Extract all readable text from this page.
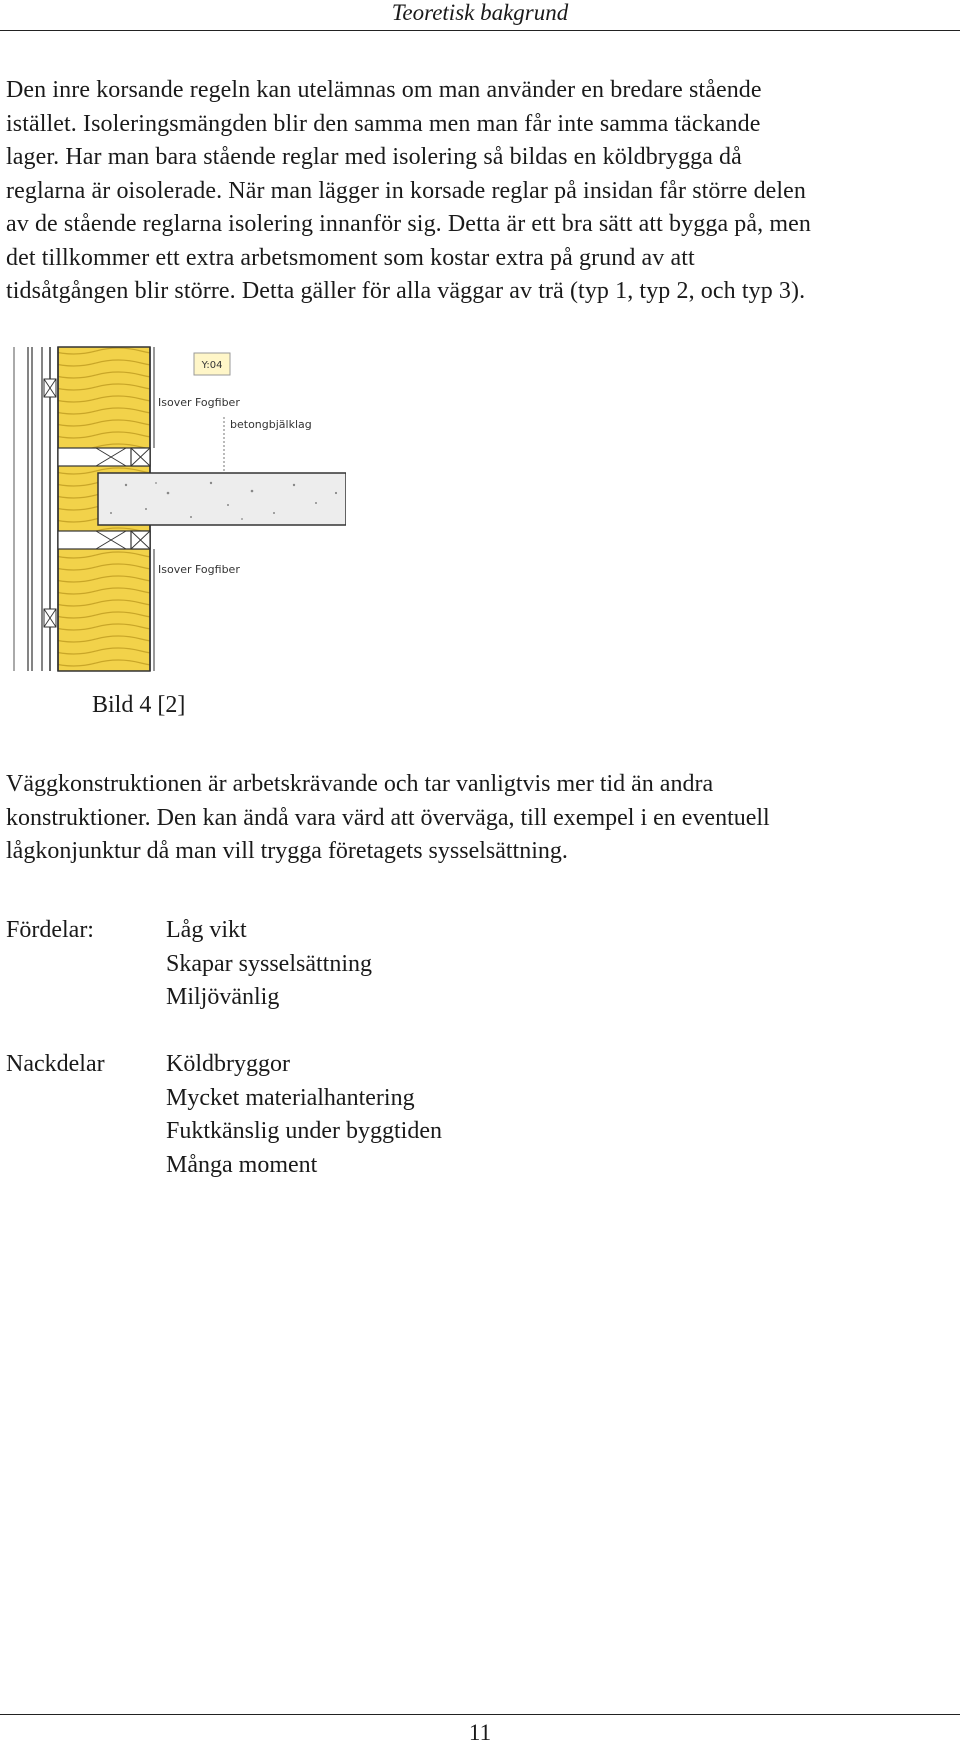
Teoretisk bakgrund
Den inre korsande regeln kan utelämnas om man använder en bredare stående
istället. Isoleringsmängden blir den samma men man får inte samma täckande
lager. Har man bara stående reglar med isolering så bildas en köldbrygga då
reglarna är oisolerade. När man lägger in korsade reglar på insidan får större delen
av de stående reglarna isolering innanför sig. Detta är ett bra sätt att bygga på, men
det tillkommer ett extra arbetsmoment som kostar extra på grund av att
tidsåtgången blir större. Detta gäller för alla väggar av trä (typ 1, typ 2, och typ 3).
Y:04
Isover Fogfiber
betongbjälklag
Isover Fogfiber
Bild 4 [2]
Väggkonstruktionen är arbetskrävande och tar vanligtvis mer tid än andra
konstruktioner. Den kan ändå vara värd att överväga, till exempel i en eventuell
lågkonjunktur då man vill trygga företagets sysselsättning.
Fördelar:	Låg vikt
Skapar sysselsättning
Miljövänlig
Nackdelar	Köldbryggor
Mycket materialhantering
Fuktkänslig under byggtiden
Många moment
11
